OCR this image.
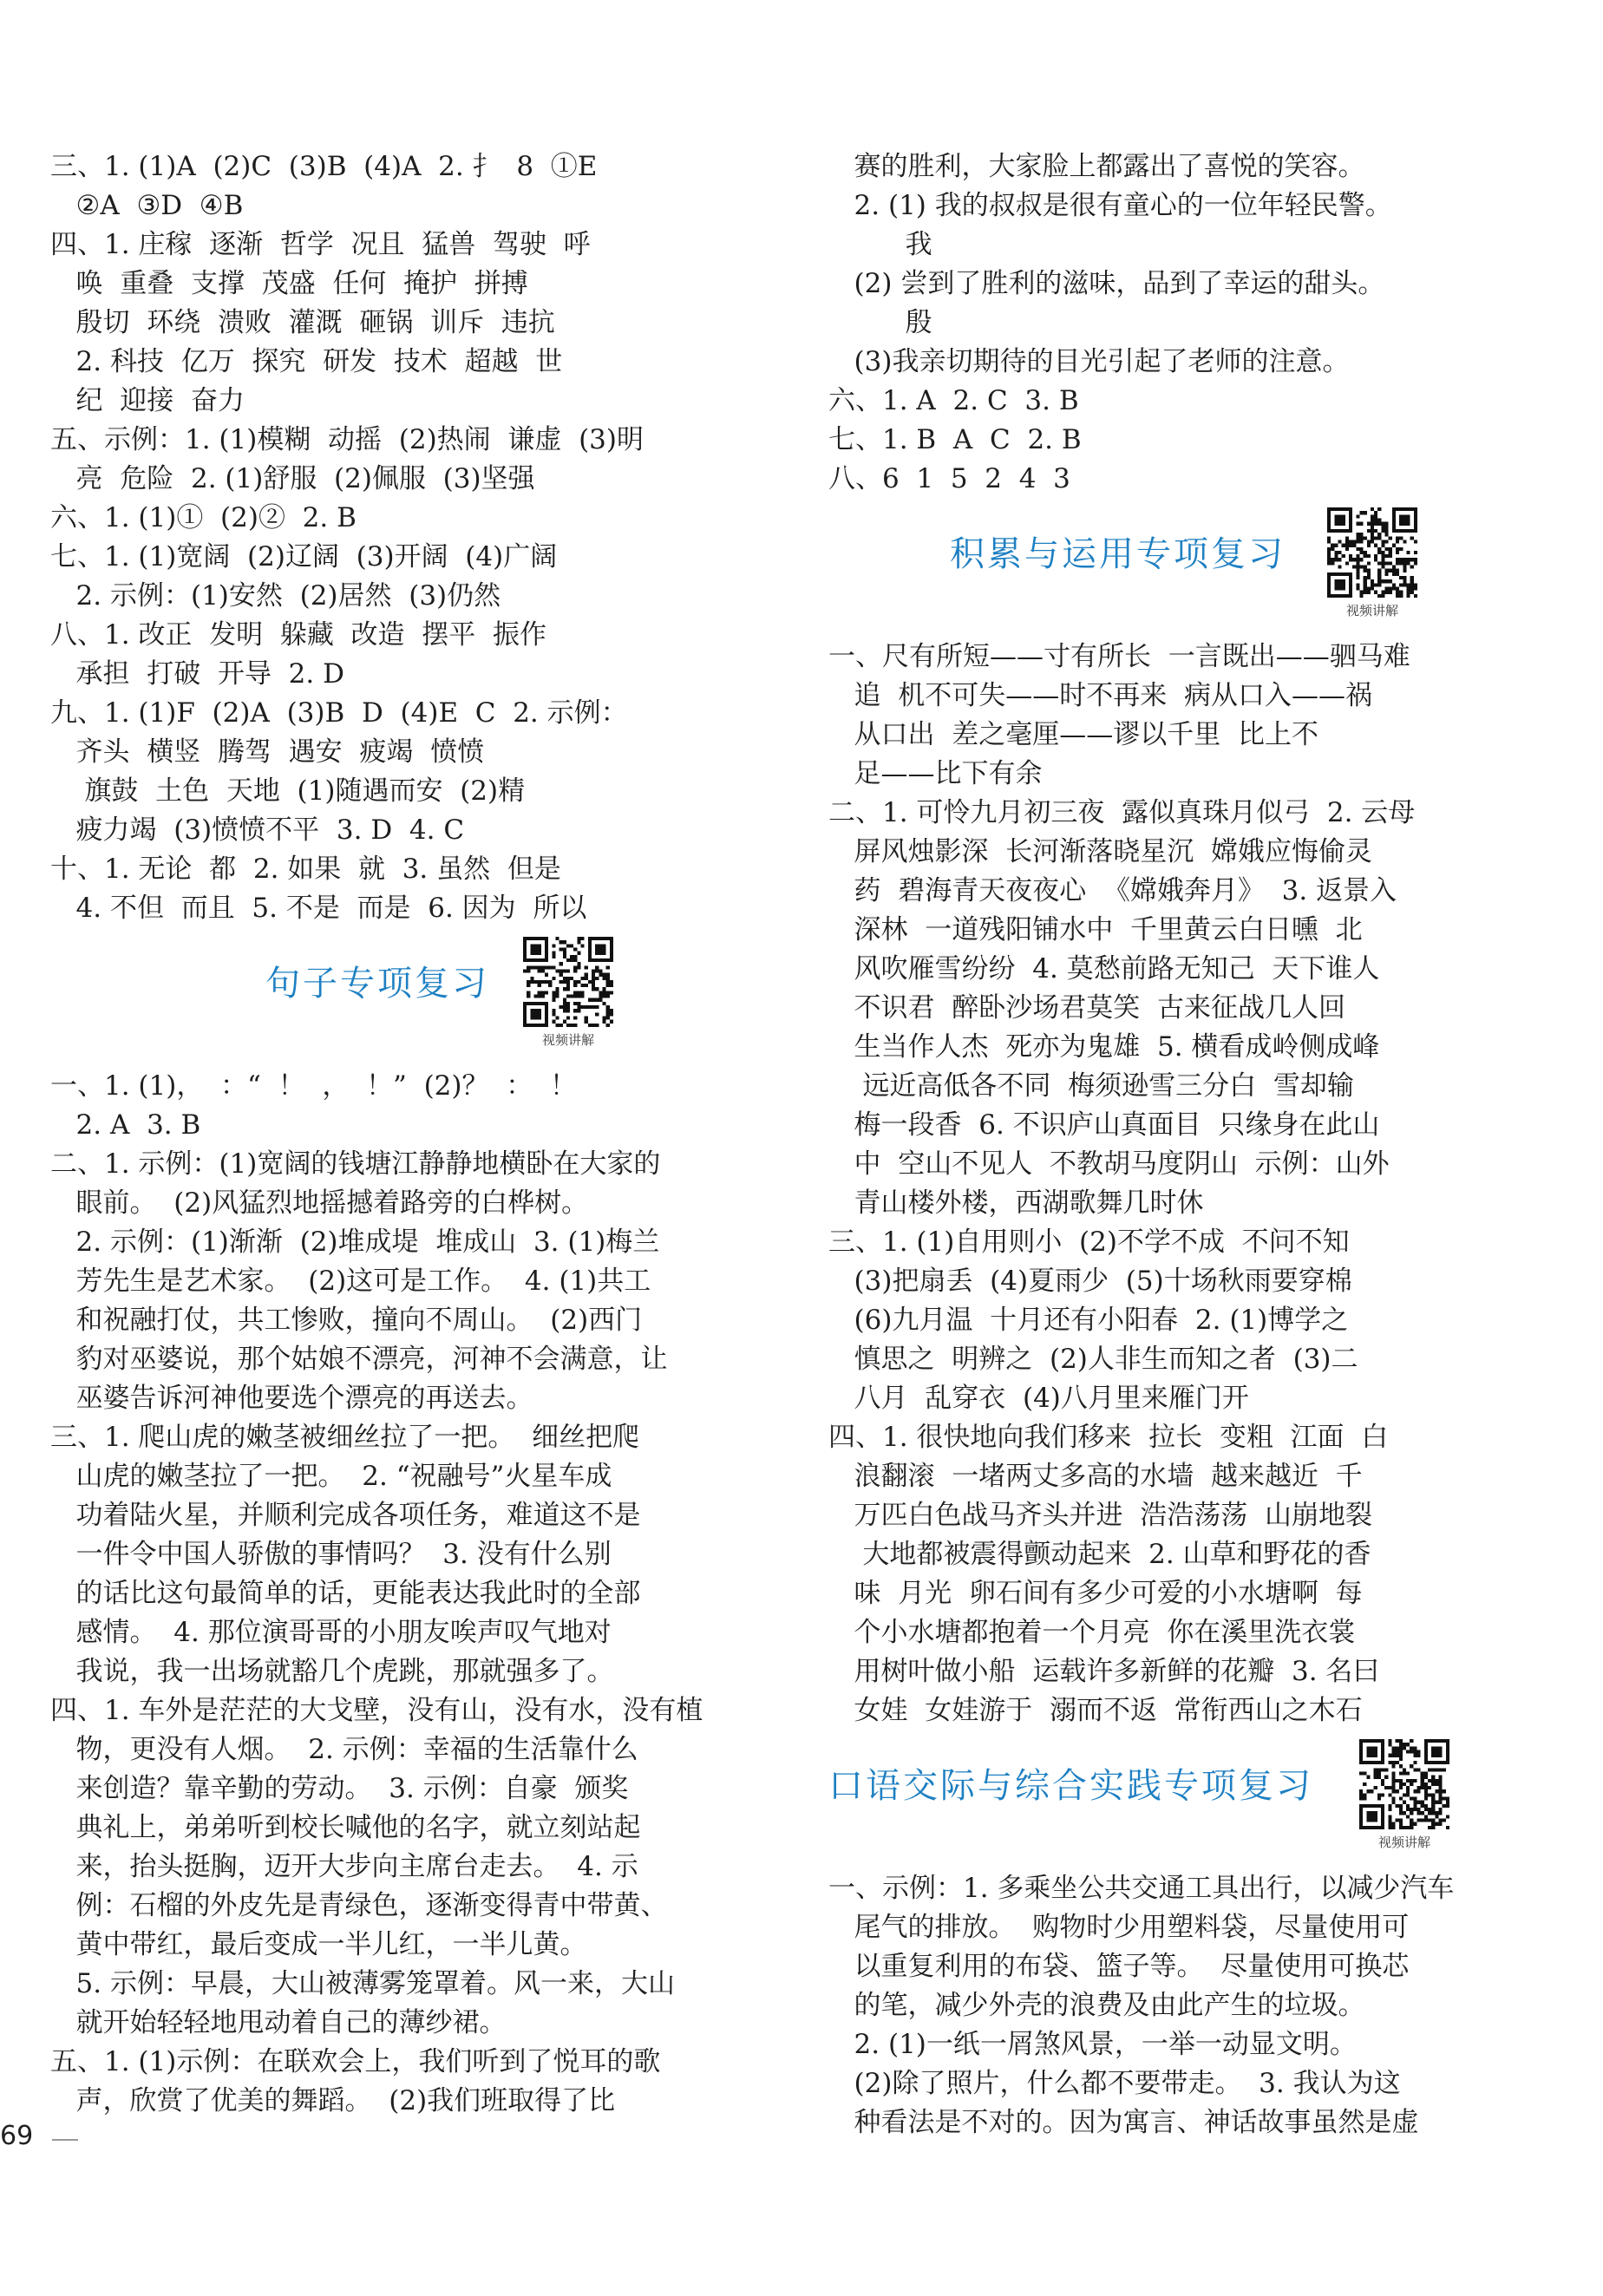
三、1. (1)A  (2)C  (3)B  (4)A  2. 扌  8  ①E
②A  ③D  ④B
四、1. 庄稼  逐渐  哲学  况且  猛兽  驾驶  呼
唤  重叠  支撑  茂盛  任何  掩护  拼搏
殷切  环绕  溃败  灌溉  砸锅  训斥  违抗
2. 科技  亿万  探究  研发  技术  超越  世
纪  迎接  奋力
五、示例：1. (1)模糊  动摇  (2)热闹  谦虚  (3)明
亮  危险  2. (1)舒服  (2)佩服  (3)坚强
六、1. (1)①  (2)②  2. B
七、1. (1)宽阔  (2)辽阔  (3)开阔  (4)广阔
2. 示例：(1)安然  (2)居然  (3)仍然
八、1. 改正  发明  躲藏  改造  摆平  振作
承担  打破  开导  2. D
九、1. (1)F  (2)A  (3)B  D  (4)E  C  2. 示例：
齐头  横竖  腾驾  遇安  疲竭  愤愤
旗鼓  土色  天地  (1)随遇而安  (2)精
疲力竭  (3)愤愤不平  3. D  4. C
十、1. 无论  都  2. 如果  就  3. 虽然  但是
4. 不但  而且  5. 不是  而是  6. 因为  所以
句子专项复习
视频讲解
一、1. (1)，  ：“  ！  ，  ！”  (2)？  ：  ！
2. A  3. B
二、1. 示例：(1)宽阔的钱塘江静静地横卧在大家的
眼前。  (2)风猛烈地摇撼着路旁的白桦树。
2. 示例：(1)渐渐  (2)堆成堤  堆成山  3. (1)梅兰
芳先生是艺术家。  (2)这可是工作。  4. (1)共工
和祝融打仗，共工惨败，撞向不周山。  (2)西门
豹对巫婆说，那个姑娘不漂亮，河神不会满意，让
巫婆告诉河神他要选个漂亮的再送去。
三、1. 爬山虎的嫩茎被细丝拉了一把。  细丝把爬
山虎的嫩茎拉了一把。  2. “祝融号”火星车成
功着陆火星，并顺利完成各项任务，难道这不是
一件令中国人骄傲的事情吗？  3. 没有什么别
的话比这句最简单的话，更能表达我此时的全部
感情。  4. 那位演哥哥的小朋友唉声叹气地对
我说，我一出场就豁几个虎跳，那就强多了。
四、1. 车外是茫茫的大戈壁，没有山，没有水，没有植
物，更没有人烟。  2. 示例：幸福的生活靠什么
来创造？靠辛勤的劳动。  3. 示例：自豪  颁奖
典礼上，弟弟听到校长喊他的名字，就立刻站起
来，抬头挺胸，迈开大步向主席台走去。  4. 示
例：石榴的外皮先是青绿色，逐渐变得青中带黄、
黄中带红，最后变成一半儿红，一半儿黄。
5. 示例：早晨，大山被薄雾笼罩着。风一来，大山
就开始轻轻地甩动着自己的薄纱裙。
五、1. (1)示例：在联欢会上，我们听到了悦耳的歌
声，欣赏了优美的舞蹈。  (2)我们班取得了比
赛的胜利，大家脸上都露出了喜悦的笑容。
2. (1) 我的叔叔是很有童心的一位年轻民警。
我
(2) 尝到了胜利的滋味，品到了幸运的甜头。
殷
(3)我亲切期待的目光引起了老师的注意。
六、1. A  2. C  3. B
七、1. B  A  C  2. B
八、6  1  5  2  4  3
积累与运用专项复习
视频讲解
一、尺有所短——寸有所长  一言既出——驷马难
追  机不可失——时不再来  病从口入——祸
从口出  差之毫厘——谬以千里  比上不
足——比下有余
二、1. 可怜九月初三夜  露似真珠月似弓  2. 云母
屏风烛影深  长河渐落晓星沉  嫦娥应悔偷灵
药  碧海青天夜夜心  《嫦娥奔月》  3. 返景入
深林  一道残阳铺水中  千里黄云白日曛  北
风吹雁雪纷纷  4. 莫愁前路无知己  天下谁人
不识君  醉卧沙场君莫笑  古来征战几人回
生当作人杰  死亦为鬼雄  5. 横看成岭侧成峰
远近高低各不同  梅须逊雪三分白  雪却输
梅一段香  6. 不识庐山真面目  只缘身在此山
中  空山不见人  不教胡马度阴山  示例：山外
青山楼外楼，西湖歌舞几时休
三、1. (1)自用则小  (2)不学不成  不问不知
(3)把扇丢  (4)夏雨少  (5)十场秋雨要穿棉
(6)九月温  十月还有小阳春  2. (1)博学之
慎思之  明辨之  (2)人非生而知之者  (3)二
八月  乱穿衣  (4)八月里来雁门开
四、1. 很快地向我们移来  拉长  变粗  江面  白
浪翻滚  一堵两丈多高的水墙  越来越近  千
万匹白色战马齐头并进  浩浩荡荡  山崩地裂
大地都被震得颤动起来  2. 山草和野花的香
味  月光  卵石间有多少可爱的小水塘啊  每
个小水塘都抱着一个月亮  你在溪里洗衣裳
用树叶做小船  运载许多新鲜的花瓣  3. 名曰
女娃  女娃游于  溺而不返  常衔西山之木石
口语交际与综合实践专项复习
视频讲解
一、示例：1. 多乘坐公共交通工具出行，以减少汽车
尾气的排放。  购物时少用塑料袋，尽量使用可
以重复利用的布袋、篮子等。  尽量使用可换芯
的笔，减少外壳的浪费及由此产生的垃圾。
2. (1)一纸一屑煞风景，一举一动显文明。
(2)除了照片，什么都不要带走。  3. 我认为这
种看法是不对的。因为寓言、神话故事虽然是虚
69
